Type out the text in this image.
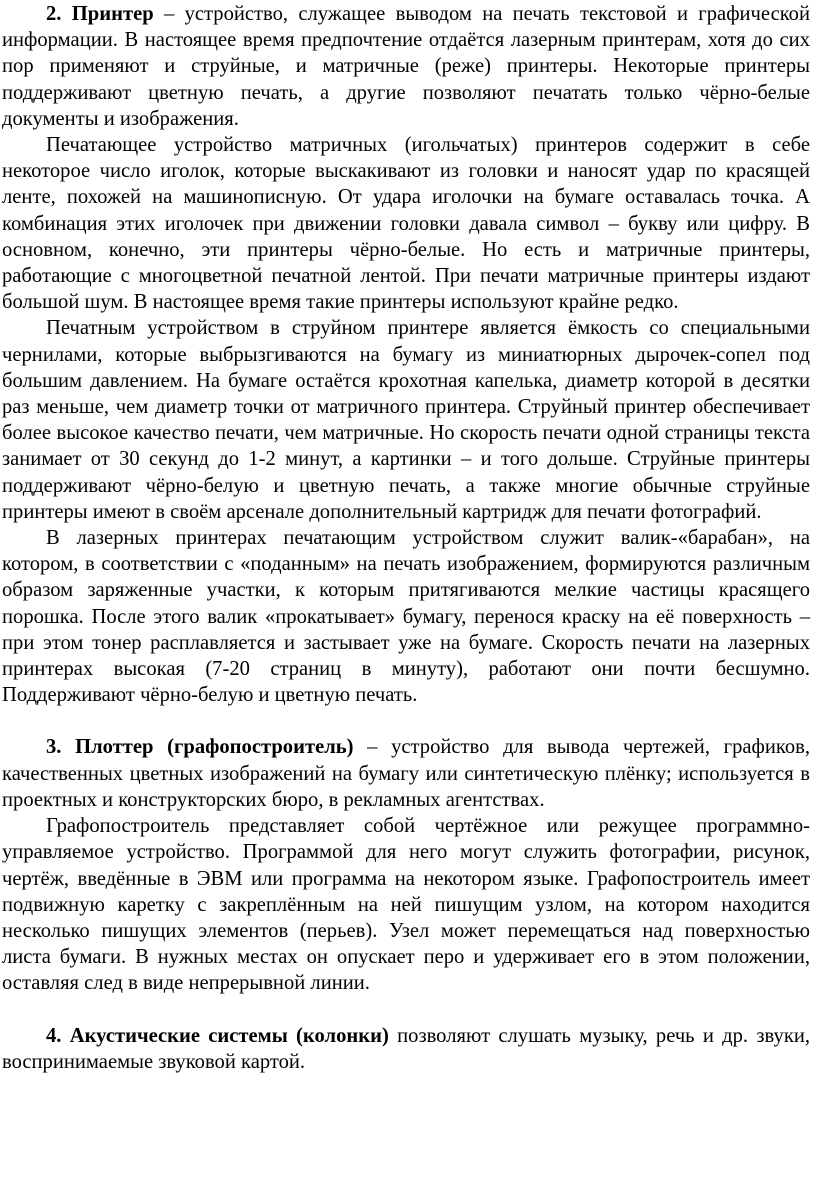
2. Принтер – устройство, служащее выводом на печать текстовой и графической информации. В настоящее время предпочтение отдаётся лазерным принтерам, хотя до сих пор применяют и струйные, и матричные (реже) принтеры. Некоторые принтеры поддерживают цветную печать, а другие позволяют печатать только чёрно-белые документы и изображения.

Печатающее устройство матричных (игольчатых) принтеров содержит в себе некоторое число иголок, которые выскакивают из головки и наносят удар по красящей ленте, похожей на машинописную. От удара иголочки на бумаге оставалась точка. А комбинация этих иголочек при движении головки давала символ – букву или цифру. В основном, конечно, эти принтеры чёрно-белые. Но есть и матричные принтеры, работающие с многоцветной печатной лентой. При печати матричные принтеры издают большой шум. В настоящее время такие принтеры используют крайне редко.

Печатным устройством в струйном принтере является ёмкость со специальными чернилами, которые выбрызгиваются на бумагу из миниатюрных дырочек-сопел под большим давлением. На бумаге остаётся крохотная капелька, диаметр которой в десятки раз меньше, чем диаметр точки от матричного принтера. Струйный принтер обеспечивает более высокое качество печати, чем матричные. Но скорость печати одной страницы текста занимает от 30 секунд до 1-2 минут, а картинки – и того дольше. Струйные принтеры поддерживают чёрно-белую и цветную печать, а также многие обычные струйные принтеры имеют в своём арсенале дополнительный картридж для печати фотографий.

В лазерных принтерах печатающим устройством служит валик-«барабан», на котором, в соответствии с «поданным» на печать изображением, формируются различным образом заряженные участки, к которым притягиваются мелкие частицы красящего порошка. После этого валик «прокатывает» бумагу, перенося краску на её поверхность – при этом тонер расплавляется и застывает уже на бумаге. Скорость печати на лазерных принтерах высокая (7-20 страниц в минуту), работают они почти бесшумно. Поддерживают чёрно-белую и цветную печать.

3. Плоттер (графопостроитель) – устройство для вывода чертежей, графиков, качественных цветных изображений на бумагу или синтетическую плёнку; используется в проектных и конструкторских бюро, в рекламных агентствах.

Графопостроитель представляет собой чертёжное или режущее программно-управляемое устройство. Программой для него могут служить фотографии, рисунок, чертёж, введённые в ЭВМ или программа на некотором языке. Графопостроитель имеет подвижную каретку с закреплённым на ней пишущим узлом, на котором находится несколько пишущих элементов (перьев). Узел может перемещаться над поверхностью листа бумаги. В нужных местах он опускает перо и удерживает его в этом положении, оставляя след в виде непрерывной линии.

4. Акустические системы (колонки) позволяют слушать музыку, речь и др. звуки, воспринимаемые звуковой картой.
